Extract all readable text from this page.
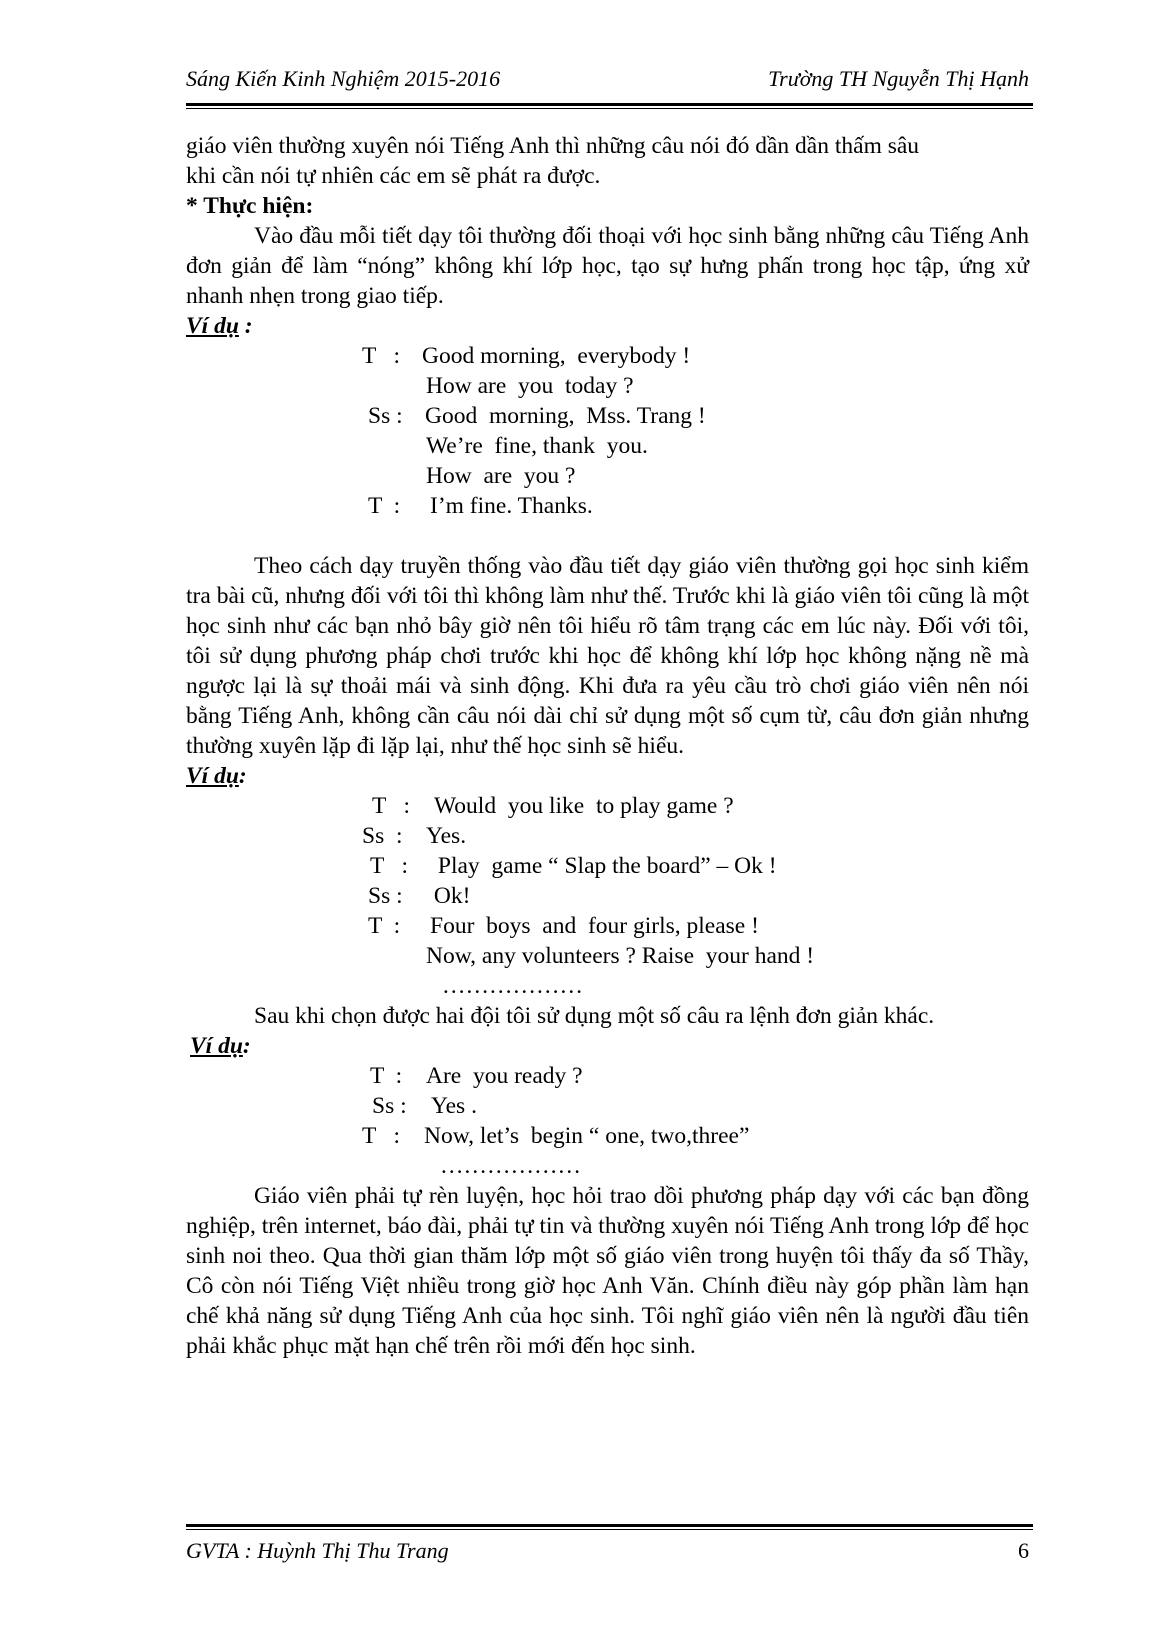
Sáng Kiến Kinh Nghiệm 2015-2016	Trường TH Nguyễn Thị Hạnh

giáo viên thường xuyên nói Tiếng Anh thì những câu nói đó dần dần thấm sâu

khi cần nói tự nhiên các em sẽ phát ra được.

* Thực hiện:

Vào đầu mỗi tiết dạy tôi thường đối thoại với học sinh bằng những câu Tiếng Anh đơn giản để làm “nóng” không khí lớp học, tạo sự hưng phấn trong học tập, ứng xử nhanh nhẹn trong giao tiếp.

Ví dụ :

T   : Good morning,  everybody !
How are  you  today ?
Ss : Good  morning,  Mss. Trang !
We’re  fine, thank  you.
How  are  you ?
T  : I’m fine. Thanks.

Theo cách dạy truyền thống vào đầu tiết dạy giáo viên thường gọi học sinh kiểm tra bài cũ, nhưng đối với tôi thì không làm như thế. Trước khi là giáo viên tôi cũng là một học sinh như các bạn nhỏ bây giờ nên tôi hiểu rõ tâm trạng các em lúc này. Đối với tôi, tôi sử dụng phương pháp chơi trước khi học để không khí lớp học không nặng nề mà ngược lại là sự thoải mái và sinh động. Khi đưa ra yêu cầu trò chơi giáo viên nên nói bằng Tiếng Anh, không cần câu nói dài chỉ sử dụng một số cụm từ, câu đơn giản nhưng thường xuyên lặp đi lặp lại, như thế học sinh sẽ hiểu.

Ví dụ:

T   : Would  you like  to play game ?
Ss  : Yes.
T   : Play  game “ Slap the board” – Ok !
Ss : Ok!
T  : Four  boys  and  four girls, please !
Now, any volunteers ? Raise  your hand !
………………

Sau khi chọn được hai đội tôi sử dụng một số câu ra lệnh đơn giản khác.

Ví dụ:

T  : Are  you ready ?
Ss : Yes .
T   : Now, let’s  begin “ one, two,three”
………………

Giáo viên phải tự rèn luyện, học hỏi trao dồi phương pháp dạy với các bạn đồng nghiệp, trên internet, báo đài, phải tự tin và thường xuyên nói Tiếng Anh trong lớp để học sinh noi theo. Qua thời gian thăm lớp một số giáo viên trong huyện tôi thấy đa số Thầy, Cô còn nói Tiếng Việt nhiều trong giờ học Anh Văn. Chính điều này góp phần làm hạn chế khả năng sử dụng Tiếng Anh của học sinh. Tôi nghĩ giáo viên nên là người đầu tiên phải khắc phục mặt hạn chế trên rồi mới đến học sinh.

GVTA : Huỳnh Thị Thu Trang	6
